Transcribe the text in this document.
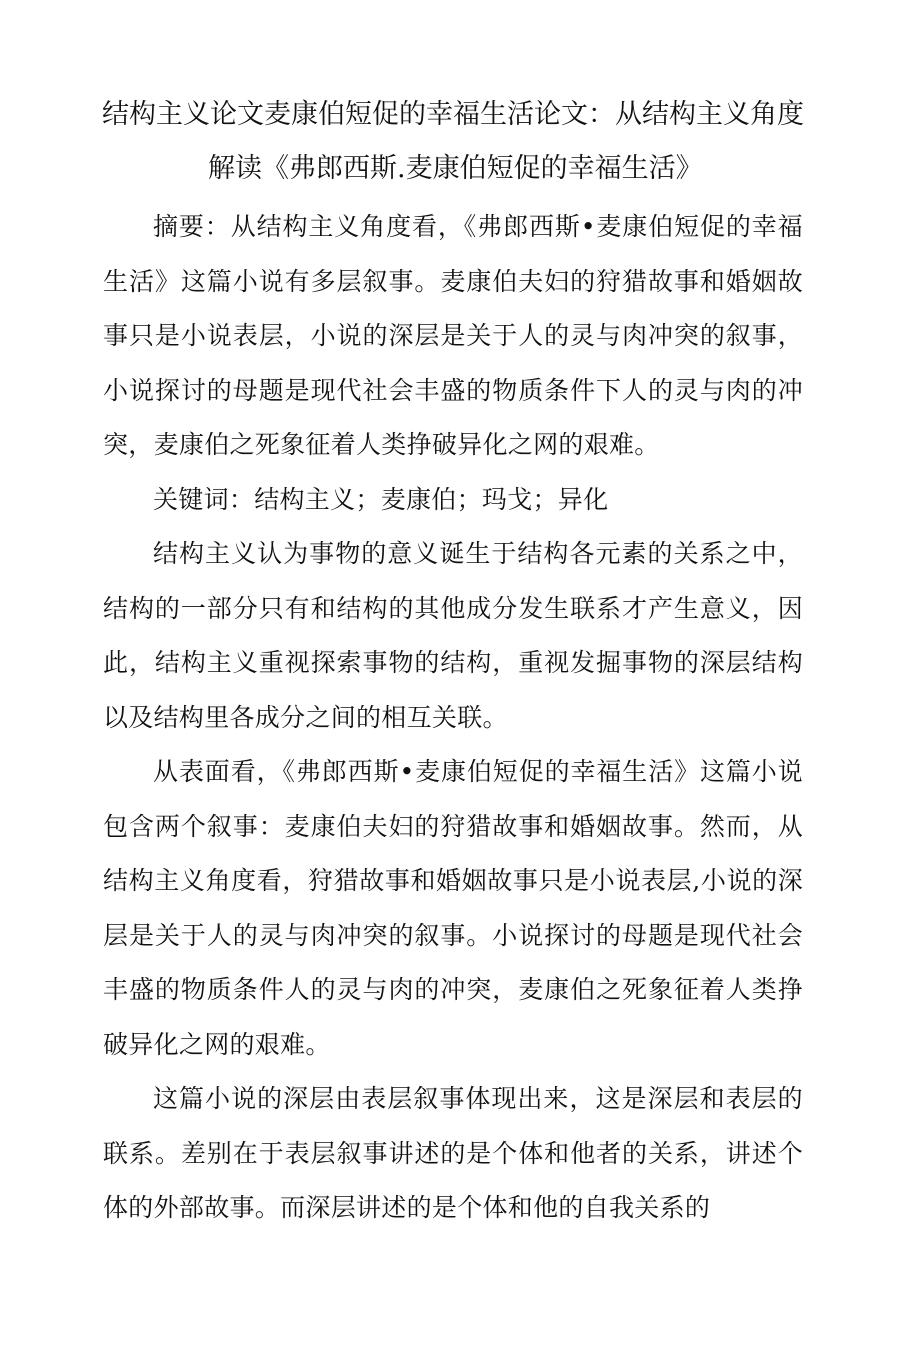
结构主义论文麦康伯短促的幸福生活论文：从结构主义角度
解读《弗郎西斯.麦康伯短促的幸福生活》

摘要：从结构主义角度看，《弗郎西斯•麦康伯短促的幸福生活》这篇小说有多层叙事。麦康伯夫妇的狩猎故事和婚姻故事只是小说表层，小说的深层是关于人的灵与肉冲突的叙事，小说探讨的母题是现代社会丰盛的物质条件下人的灵与肉的冲突，麦康伯之死象征着人类挣破异化之网的艰难。

关键词：结构主义；麦康伯；玛戈；异化

结构主义认为事物的意义诞生于结构各元素的关系之中，结构的一部分只有和结构的其他成分发生联系才产生意义，因此，结构主义重视探索事物的结构，重视发掘事物的深层结构以及结构里各成分之间的相互关联。

从表面看，《弗郎西斯•麦康伯短促的幸福生活》这篇小说包含两个叙事：麦康伯夫妇的狩猎故事和婚姻故事。然而，从结构主义角度看，狩猎故事和婚姻故事只是小说表层,小说的深层是关于人的灵与肉冲突的叙事。小说探讨的母题是现代社会丰盛的物质条件人的灵与肉的冲突，麦康伯之死象征着人类挣破异化之网的艰难。

这篇小说的深层由表层叙事体现出来，这是深层和表层的联系。差别在于表层叙事讲述的是个体和他者的关系，讲述个体的外部故事。而深层讲述的是个体和他的自我关系的
